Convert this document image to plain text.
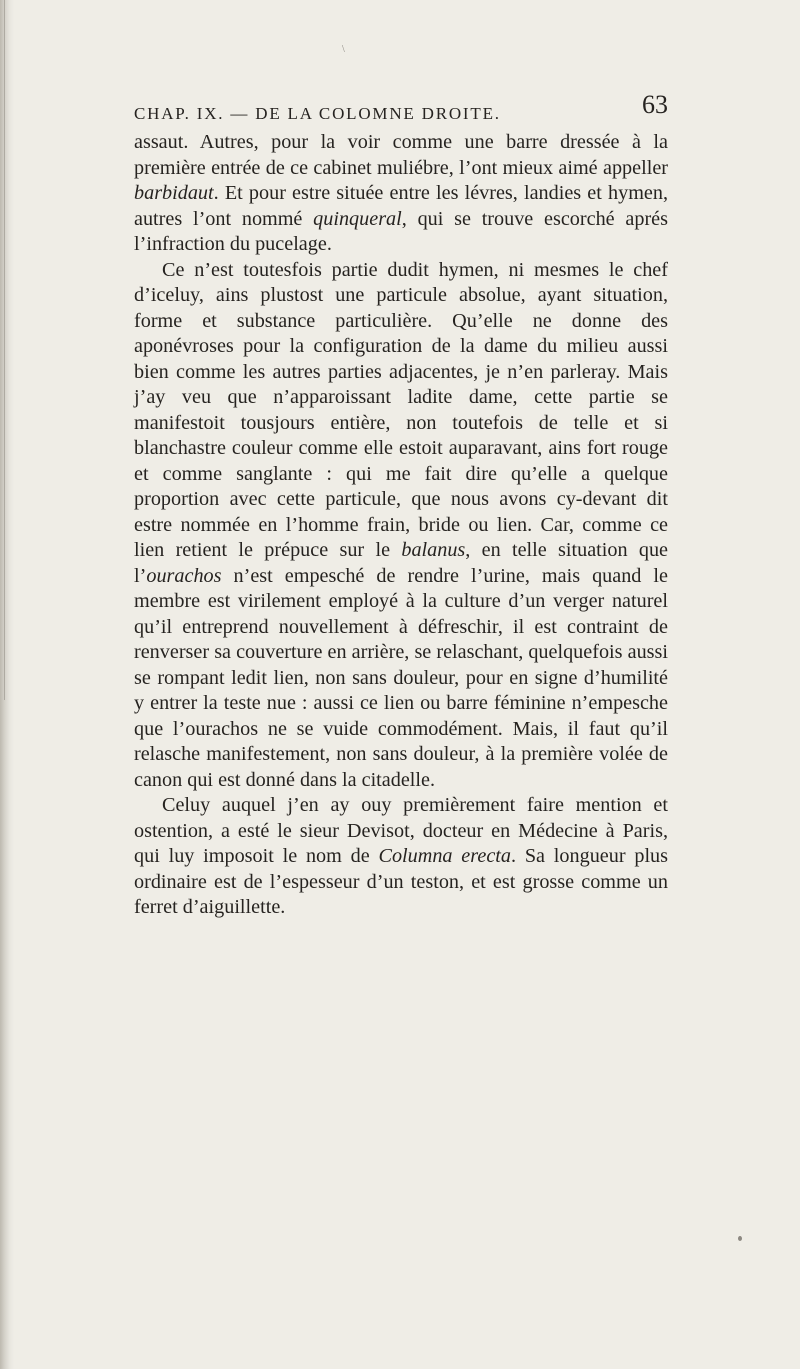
\
CHAP. IX. — DE LA COLOMNE DROITE.	63

assaut. Autres, pour la voir comme une barre dressée à la première entrée de ce cabinet muliébre, l’ont mieux aimé appeller barbidaut. Et pour estre située entre les lévres, landies et hymen, autres l’ont nommé quinqueral, qui se trouve escorché aprés l’infraction du pucelage.

Ce n’est toutesfois partie dudit hymen, ni mesmes le chef d’iceluy, ains plustost une particule absolue, ayant situation, forme et substance particulière. Qu’elle ne donne des aponévroses pour la configuration de la dame du milieu aussi bien comme les autres parties adjacentes, je n’en parleray. Mais j’ay veu que n’apparoissant ladite dame, cette partie se manifestoit tousjours entière, non toutefois de telle et si blanchastre couleur comme elle estoit auparavant, ains fort rouge et comme sanglante : qui me fait dire qu’elle a quelque proportion avec cette particule, que nous avons cy-devant dit estre nommée en l’homme frain, bride ou lien. Car, comme ce lien retient le prépuce sur le balanus, en telle situation que l’ourachos n’est empesché de rendre l’urine, mais quand le membre est virilement employé à la culture d’un verger naturel qu’il entreprend nouvellement à défreschir, il est contraint de renverser sa couverture en arrière, se relaschant, quelquefois aussi se rompant ledit lien, non sans douleur, pour en signe d’humilité y entrer la teste nue : aussi ce lien ou barre féminine n’empesche que l’ourachos ne se vuide commodément. Mais, il faut qu’il relasche manifestement, non sans douleur, à la première volée de canon qui est donné dans la citadelle.

Celuy auquel j’en ay ouy premièrement faire mention et ostention, a esté le sieur Devisot, docteur en Médecine à Paris, qui luy imposoit le nom de Columna erecta. Sa longueur plus ordinaire est de l’espesseur d’un teston, et est grosse comme un ferret d’aiguillette.
